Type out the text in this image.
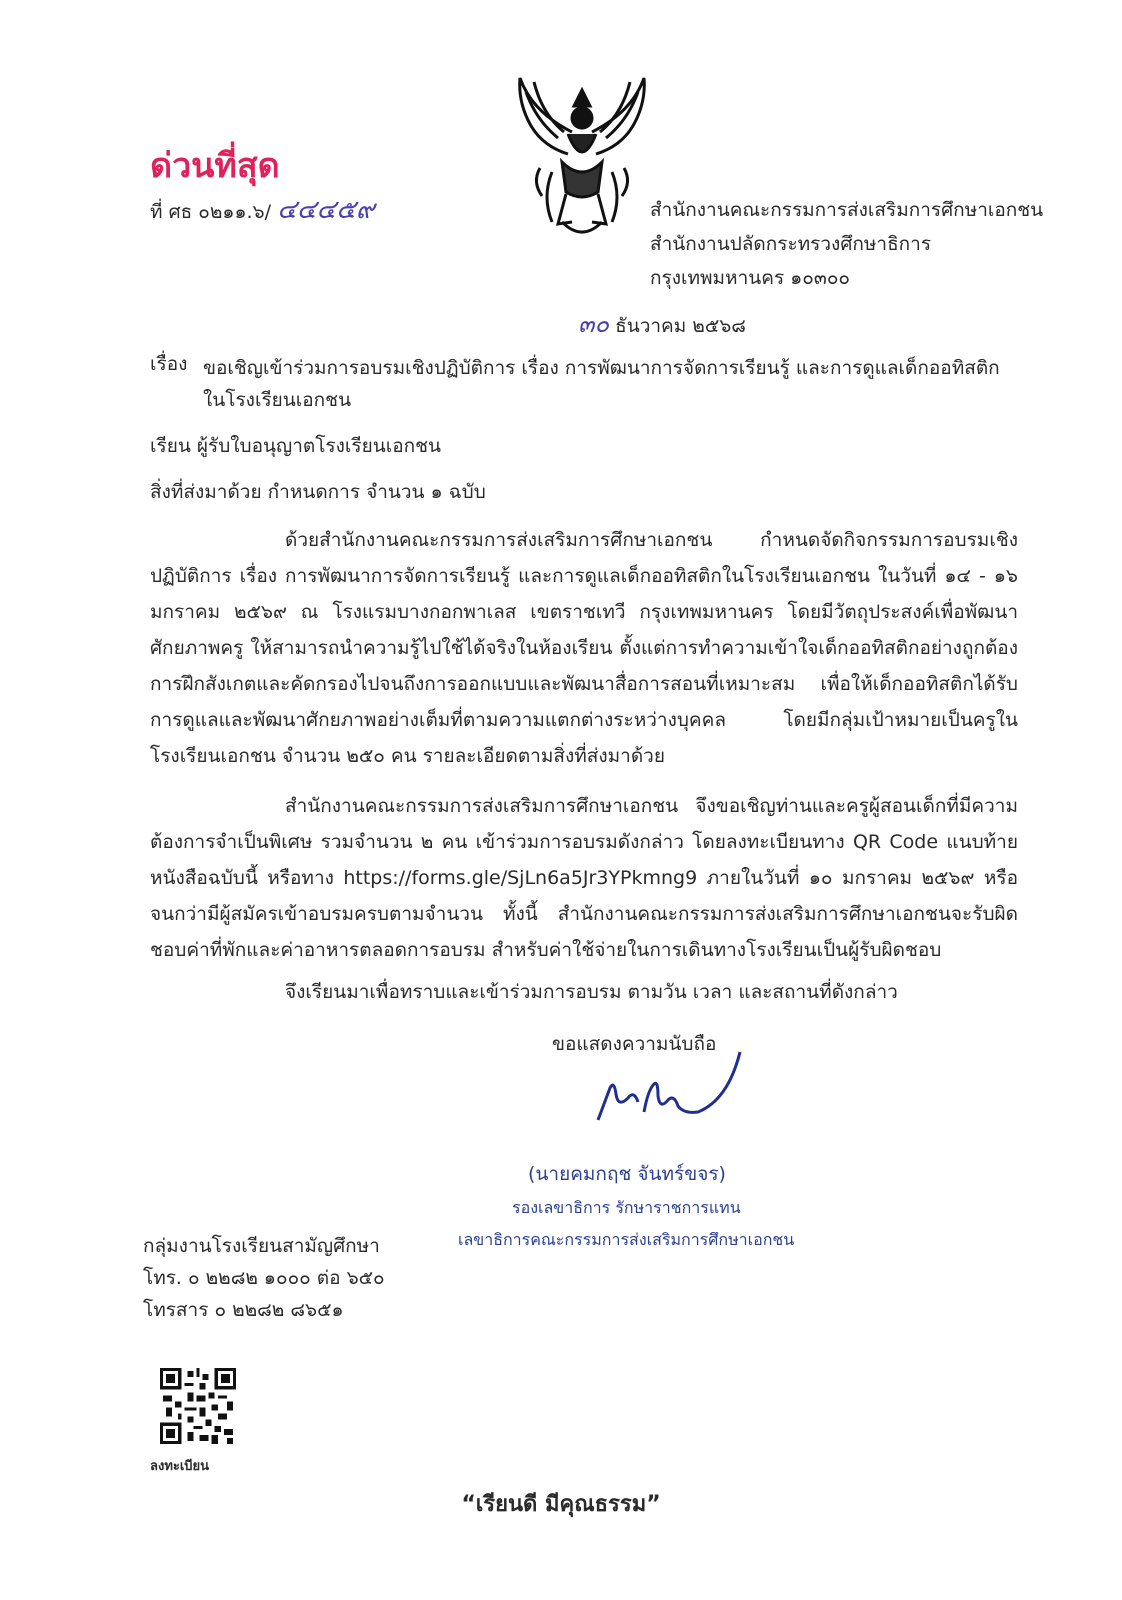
ด่วนที่สุด
ที่ ศธ ๐๒๑๑.๖/ ๔๔๔๕๙	สำนักงานคณะกรรมการส่งเสริมการศึกษาเอกชน
สำนักงานปลัดกระทรวงศึกษาธิการ
กรุงเทพมหานคร ๑๐๓๐๐
๓๐ ธันวาคม ๒๕๖๘
เรื่อง ขอเชิญเข้าร่วมการอบรมเชิงปฏิบัติการ เรื่อง การพัฒนาการจัดการเรียนรู้ และการดูแลเด็กออทิสติก
ในโรงเรียนเอกชน
เรียน ผู้รับใบอนุญาตโรงเรียนเอกชน
สิ่งที่ส่งมาด้วย กำหนดการ จำนวน ๑ ฉบับ
ด้วยสำนักงานคณะกรรมการส่งเสริมการศึกษาเอกชน กำหนดจัดกิจกรรมการอบรมเชิงปฏิบัติการ เรื่อง การพัฒนาการจัดการเรียนรู้ และการดูแลเด็กออทิสติกในโรงเรียนเอกชน ในวันที่ ๑๔ - ๑๖ มกราคม ๒๕๖๙ ณ โรงแรมบางกอกพาเลส เขตราชเทวี กรุงเทพมหานคร โดยมีวัตถุประสงค์เพื่อพัฒนาศักยภาพครู ให้สามารถนำความรู้ไปใช้ได้จริงในห้องเรียน ตั้งแต่การทำความเข้าใจเด็กออทิสติกอย่างถูกต้อง การฝึกสังเกตและคัดกรองไปจนถึงการออกแบบและพัฒนาสื่อการสอนที่เหมาะสม เพื่อให้เด็กออทิสติกได้รับการดูแลและพัฒนาศักยภาพอย่างเต็มที่ตามความแตกต่างระหว่างบุคคล โดยมีกลุ่มเป้าหมายเป็นครูในโรงเรียนเอกชน จำนวน ๒๕๐ คน รายละเอียดตามสิ่งที่ส่งมาด้วย
สำนักงานคณะกรรมการส่งเสริมการศึกษาเอกชน จึงขอเชิญท่านและครูผู้สอนเด็กที่มีความต้องการจำเป็นพิเศษ รวมจำนวน ๒ คน เข้าร่วมการอบรมดังกล่าว โดยลงทะเบียนทาง QR Code แนบท้ายหนังสือฉบับนี้ หรือทาง https://forms.gle/SjLn6a5Jr3YPkmng9 ภายในวันที่ ๑๐ มกราคม ๒๕๖๙ หรือจนกว่ามีผู้สมัครเข้าอบรมครบตามจำนวน ทั้งนี้ สำนักงานคณะกรรมการส่งเสริมการศึกษาเอกชนจะรับผิดชอบค่าที่พักและค่าอาหารตลอดการอบรม สำหรับค่าใช้จ่ายในการเดินทางโรงเรียนเป็นผู้รับผิดชอบ
จึงเรียนมาเพื่อทราบและเข้าร่วมการอบรม ตามวัน เวลา และสถานที่ดังกล่าว
ขอแสดงความนับถือ
(นายคมกฤช จันทร์ขจร)
รองเลขาธิการ รักษาราชการแทน
เลขาธิการคณะกรรมการส่งเสริมการศึกษาเอกชน
กลุ่มงานโรงเรียนสามัญศึกษา
โทร. ๐ ๒๒๘๒ ๑๐๐๐ ต่อ ๖๕๐
โทรสาร ๐ ๒๒๘๒ ๘๖๕๑
ลงทะเบียน
“เรียนดี มีคุณธรรม”
